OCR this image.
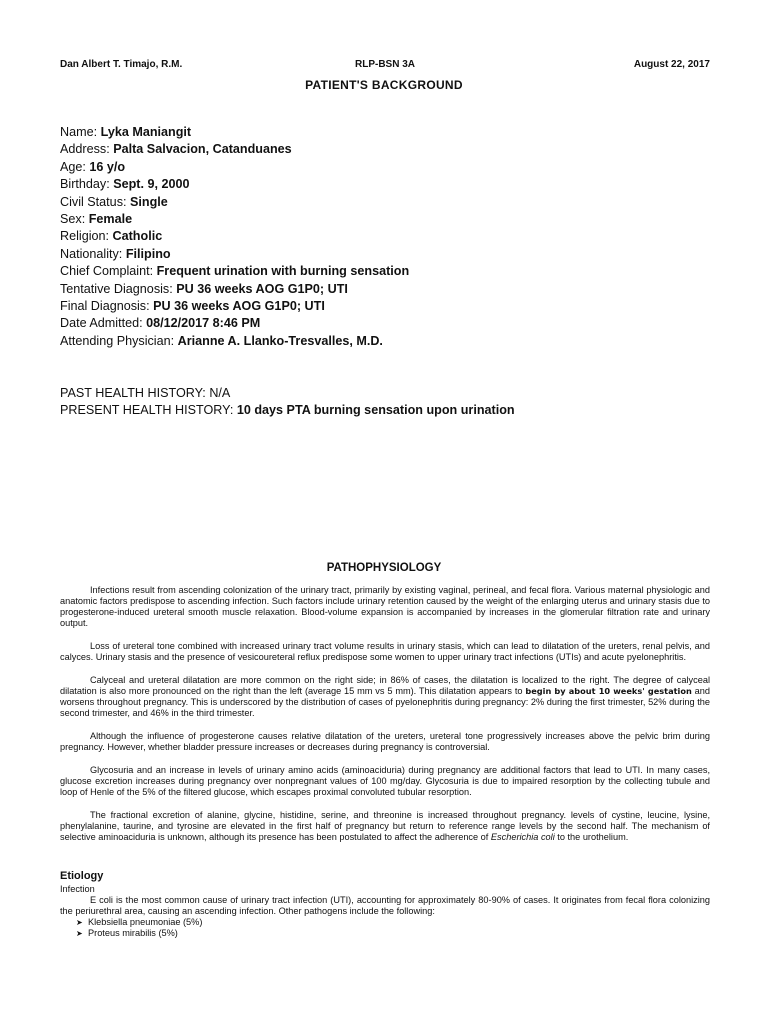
Dan Albert T. Timajo, R.M.	RLP-BSN 3A	August 22, 2017
PATIENT'S BACKGROUND
Name: Lyka Maniangit
Address: Palta Salvacion, Catanduanes
Age: 16 y/o
Birthday: Sept. 9, 2000
Civil Status: Single
Sex: Female
Religion: Catholic
Nationality: Filipino
Chief Complaint: Frequent urination with burning sensation
Tentative Diagnosis: PU 36 weeks AOG G1P0; UTI
Final Diagnosis: PU 36 weeks AOG G1P0; UTI
Date Admitted: 08/12/2017 8:46 PM
Attending Physician: Arianne A. Llanko-Tresvalles, M.D.
PAST HEALTH HISTORY: N/A
PRESENT HEALTH HISTORY: 10 days PTA burning sensation upon urination
PATHOPHYSIOLOGY

Infections result from ascending colonization of the urinary tract, primarily by existing vaginal, perineal, and fecal flora. Various maternal physiologic and anatomic factors predispose to ascending infection. Such factors include urinary retention caused by the weight of the enlarging uterus and urinary stasis due to progesterone-induced ureteral smooth muscle relaxation. Blood-volume expansion is accompanied by increases in the glomerular filtration rate and urinary output.

Loss of ureteral tone combined with increased urinary tract volume results in urinary stasis, which can lead to dilatation of the ureters, renal pelvis, and calyces. Urinary stasis and the presence of vesicoureteral reflux predispose some women to upper urinary tract infections (UTIs) and acute pyelonephritis.

Calyceal and ureteral dilatation are more common on the right side; in 86% of cases, the dilatation is localized to the right. The degree of calyceal dilatation is also more pronounced on the right than the left (average 15 mm vs 5 mm). This dilatation appears to begin by about 10 weeks' gestation and worsens throughout pregnancy. This is underscored by the distribution of cases of pyelonephritis during pregnancy: 2% during the first trimester, 52% during the second trimester, and 46% in the third trimester.

Although the influence of progesterone causes relative dilatation of the ureters, ureteral tone progressively increases above the pelvic brim during pregnancy. However, whether bladder pressure increases or decreases during pregnancy is controversial.

Glycosuria and an increase in levels of urinary amino acids (aminoaciduria) during pregnancy are additional factors that lead to UTI. In many cases, glucose excretion increases during pregnancy over nonpregnant values of 100 mg/day. Glycosuria is due to impaired resorption by the collecting tubule and loop of Henle of the 5% of the filtered glucose, which escapes proximal convoluted tubular resorption.

The fractional excretion of alanine, glycine, histidine, serine, and threonine is increased throughout pregnancy. levels of cystine, leucine, lysine, phenylalanine, taurine, and tyrosine are elevated in the first half of pregnancy but return to reference range levels by the second half. The mechanism of selective aminoaciduria is unknown, although its presence has been postulated to affect the adherence of Escherichia coli to the urothelium.

Etiology

Infection

E coli is the most common cause of urinary tract infection (UTI), accounting for approximately 80-90% of cases. It originates from fecal flora colonizing the periurethral area, causing an ascending infection. Other pathogens include the following:

➤ Klebsiella pneumoniae (5%)
➤ Proteus mirabilis (5%)
